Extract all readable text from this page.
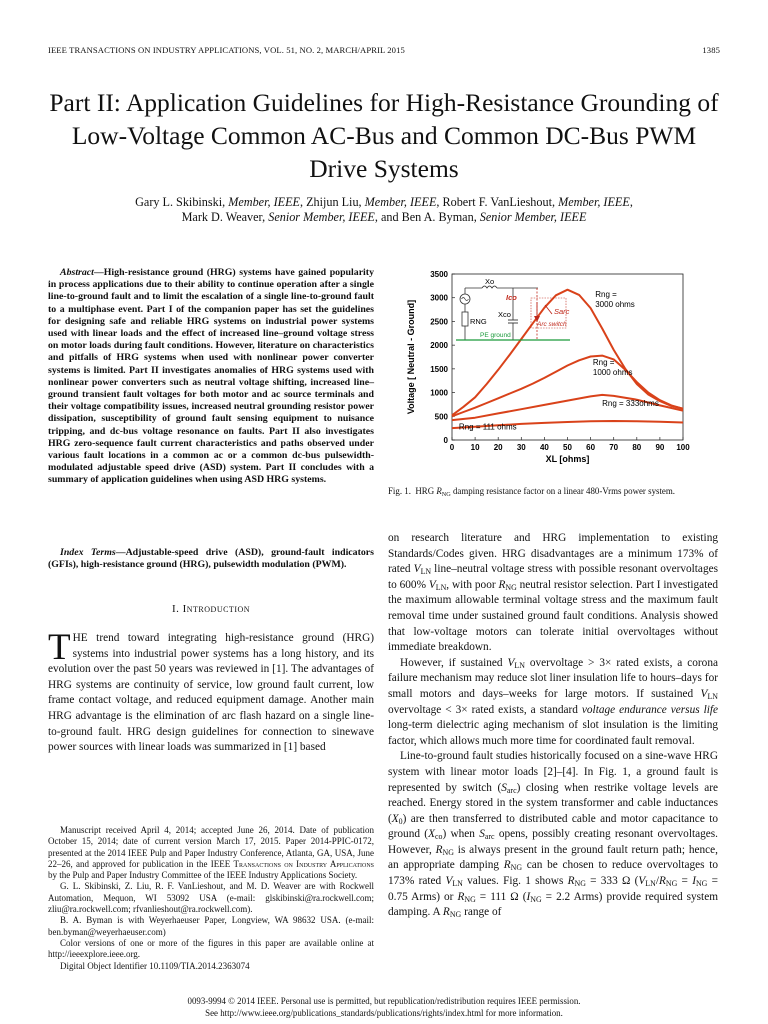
IEEE TRANSACTIONS ON INDUSTRY APPLICATIONS, VOL. 51, NO. 2, MARCH/APRIL 2015	1385
Part II: Application Guidelines for High-Resistance Grounding of Low-Voltage Common AC-Bus and Common DC-Bus PWM Drive Systems
Gary L. Skibinski, Member, IEEE, Zhijun Liu, Member, IEEE, Robert F. VanLieshout, Member, IEEE,
Mark D. Weaver, Senior Member, IEEE, and Ben A. Byman, Senior Member, IEEE
Abstract—High-resistance ground (HRG) systems have gained popularity in process applications due to their ability to continue operation after a single line-to-ground fault and to limit the escalation of a single line-to-ground fault to a multiphase event. Part I of the companion paper has set the guidelines for designing safe and reliable HRG systems on industrial power systems used with linear loads and the effect of increased line–ground voltage stress on motor loads during fault conditions. However, literature on characteristics and pitfalls of HRG systems when used with nonlinear power converter systems is limited. Part II investigates anomalies of HRG systems used with nonlinear power converters such as neutral voltage shifting, increased line–ground transient fault voltages for both motor and ac source terminals and their voltage compatibility issues, increased neutral grounding resistor power dissipation, susceptibility of ground fault sensing equipment to nuisance tripping, and dc-bus voltage resonance on faults. Part II also investigates HRG zero-sequence fault current characteristics and paths observed under various fault locations in a common ac or a common dc-bus pulsewidth-modulated adjustable speed drive (ASD) system. Part II concludes with a summary of application guidelines when using ASD HRG systems.
Index Terms—Adjustable-speed drive (ASD), ground-fault indicators (GFIs), high-resistance ground (HRG), pulsewidth modulation (PWM).
I. Introduction
THE trend toward integrating high-resistance ground (HRG) systems into industrial power systems has a long history, and its evolution over the past 50 years was reviewed in [1]. The advantages of HRG systems are continuity of service, low ground fault current, low frame contact voltage, and reduced equipment damage. Another main HRG advantage is the elimination of arc flash hazard on a single line-to-ground fault. HRG design guidelines for connection to sinewave power sources with linear loads was summarized in [1] based

Manuscript received April 4, 2014; accepted June 26, 2014. Date of publication October 15, 2014; date of current version March 17, 2015. Paper 2014-PPIC-0172, presented at the 2014 IEEE Pulp and Paper Industry Conference, Atlanta, GA, USA, June 22–26, and approved for publication in the IEEE Transactions on Industry Applications by the Pulp and Paper Industry Committee of the IEEE Industry Applications Society.

G. L. Skibinski, Z. Liu, R. F. VanLieshout, and M. D. Weaver are with Rockwell Automation, Mequon, WI 53092 USA (e-mail: glskibinski@ra.rockwell.com; zliu@ra.rockwell.com; rfvanlieshout@ra.rockwell.com).

B. A. Byman is with Weyerhaeuser Paper, Longview, WA 98632 USA. (e-mail: ben.byman@weyerhaeuser.com)

Color versions of one or more of the figures in this paper are available online at http://ieeexplore.ieee.org.

Digital Object Identifier 10.1109/TIA.2014.2363074

0 10 20 30 40 50 60 70 80 90 100
0
500
1000
1500
2000
2500
3000
3500
Rng =
3000 ohms
Rng =
1000 ohms
Rng = 333ohms
Rng = 111 ohms
XL [ohms]
Voltage [ Neutral - Ground]
Xo
RNG
Xco
Ico
Sarc
Arc switch
PE ground
Fig. 1. HRG $R_{NG}$ damping resistance factor on a linear 480-Vrms power system.

on research literature and HRG implementation to existing Standards/Codes given. HRG disadvantages are a minimum 173% of rated $V_{LN}$ line–neutral voltage stress with possible resonant overvoltages to 600% $V_{LN}$, with poor $R_{NG}$ neutral resistor selection. Part I investigated the maximum allowable terminal voltage stress and the maximum fault removal time under sustained ground fault conditions. Analysis showed that low-voltage motors can tolerate initial overvoltages without immediate breakdown.

However, if sustained $V_{LN}$ overvoltage > 3× rated exists, a corona failure mechanism may reduce slot liner insulation life to hours–days for small motors and days–weeks for large motors. If sustained $V_{LN}$ overvoltage < 3× rated exists, a standard voltage endurance versus life long-term dielectric aging mechanism of slot insulation is the limiting factor, which allows much more time for coordinated fault removal.

Line-to-ground fault studies historically focused on a sine-wave HRG system with linear motor loads [2]–[4]. In Fig. 1, a ground fault is represented by switch $(S_{arc})$ closing when restrike voltage levels are reached. Energy stored in the system transformer and cable inductances $(X_0)$ are then transferred to distributed cable and motor capacitance to ground $(X_{co})$ when $S_{arc}$ opens, possibly creating resonant overvoltages. However, $R_{NG}$ is always present in the ground fault return path; hence, an appropriate damping $R_{NG}$ can be chosen to reduce overvoltages to 173% rated $V_{LN}$ values. Fig. 1 shows $R_{NG} = 333$ Ω ($V_{LN}/R_{NG} = I_{NG} = 0.75$ Arms) or $R_{NG} = 111$ Ω ($I_{NG} = 2.2$ Arms) provide required system damping. A $R_{NG}$ range of

0093-9994 © 2014 IEEE. Personal use is permitted, but republication/redistribution requires IEEE permission.
See http://www.ieee.org/publications_standards/publications/rights/index.html for more information.
